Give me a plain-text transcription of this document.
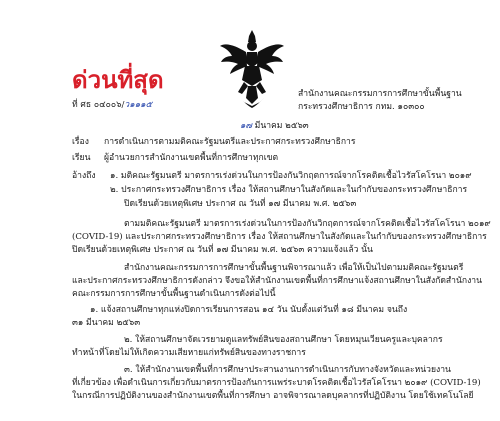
ด่วนที่สุด
ที่ ศธ ๐๔๐๐๖/ว๑๑๑๕
สำนักงานคณะกรรมการการศึกษาขั้นพื้นฐาน
กระทรวงศึกษาธิการ กทม. ๑๐๓๐๐
๑๗ มีนาคม ๒๕๖๓
เรื่อง การดำเนินการตามมติคณะรัฐมนตรีและประกาศกระทรวงศึกษาธิการ
เรียน ผู้อำนวยการสำนักงานเขตพื้นที่การศึกษาทุกเขต
อ้างถึง ๑. มติคณะรัฐมนตรี มาตรการเร่งด่วนในการป้องกันวิกฤตการณ์จากโรคติดเชื้อไวรัสโคโรนา ๒๐๑๙
๒. ประกาศกระทรวงศึกษาธิการ เรื่อง ให้สถานศึกษาในสังกัดและในกำกับของกระทรวงศึกษาธิการ
ปิดเรียนด้วยเหตุพิเศษ ประกาศ ณ วันที่ ๑๗ มีนาคม พ.ศ. ๒๕๖๓
ตามมติคณะรัฐมนตรี มาตรการเร่งด่วนในการป้องกันวิกฤตการณ์จากโรคติดเชื้อไวรัสโคโรนา ๒๐๑๙
(COVID-19) และประกาศกระทรวงศึกษาธิการ เรื่อง ให้สถานศึกษาในสังกัดและในกำกับของกระทรวงศึกษาธิการ
ปิดเรียนด้วยเหตุพิเศษ ประกาศ ณ วันที่ ๑๗ มีนาคม พ.ศ. ๒๕๖๓ ความแจ้งแล้ว นั้น
สำนักงานคณะกรรมการการศึกษาขั้นพื้นฐานพิจารณาแล้ว เพื่อให้เป็นไปตามมติคณะรัฐมนตรี
และประกาศกระทรวงศึกษาธิการดังกล่าว จึงขอให้สำนักงานเขตพื้นที่การศึกษาแจ้งสถานศึกษาในสังกัดสำนักงาน
คณะกรรมการการศึกษาขั้นพื้นฐานดำเนินการดังต่อไปนี้
๑. แจ้งสถานศึกษาทุกแห่งปิดการเรียนการสอน ๑๔ วัน นับตั้งแต่วันที่ ๑๘ มีนาคม จนถึง
๓๑ มีนาคม ๒๕๖๓
๒. ให้สถานศึกษาจัดเวรยามดูแลทรัพย์สินของสถานศึกษา โดยหมุนเวียนครูและบุคลากร
ทำหน้าที่โดยไม่ให้เกิดความเสียหายแก่ทรัพย์สินของทางราชการ
๓. ให้สำนักงานเขตพื้นที่การศึกษาประสานงานการดำเนินการกับทางจังหวัดและหน่วยงาน
ที่เกี่ยวข้อง เพื่อดำเนินการเกี่ยวกับมาตรการป้องกันการแพร่ระบาดโรคติดเชื้อไวรัสโคโรนา ๒๐๑๙ (COVID-19)
ในกรณีการปฏิบัติงานของสำนักงานเขตพื้นที่การศึกษา อาจพิจารณาลดบุคลากรที่ปฏิบัติงาน โดยใช้เทคโนโลยี
